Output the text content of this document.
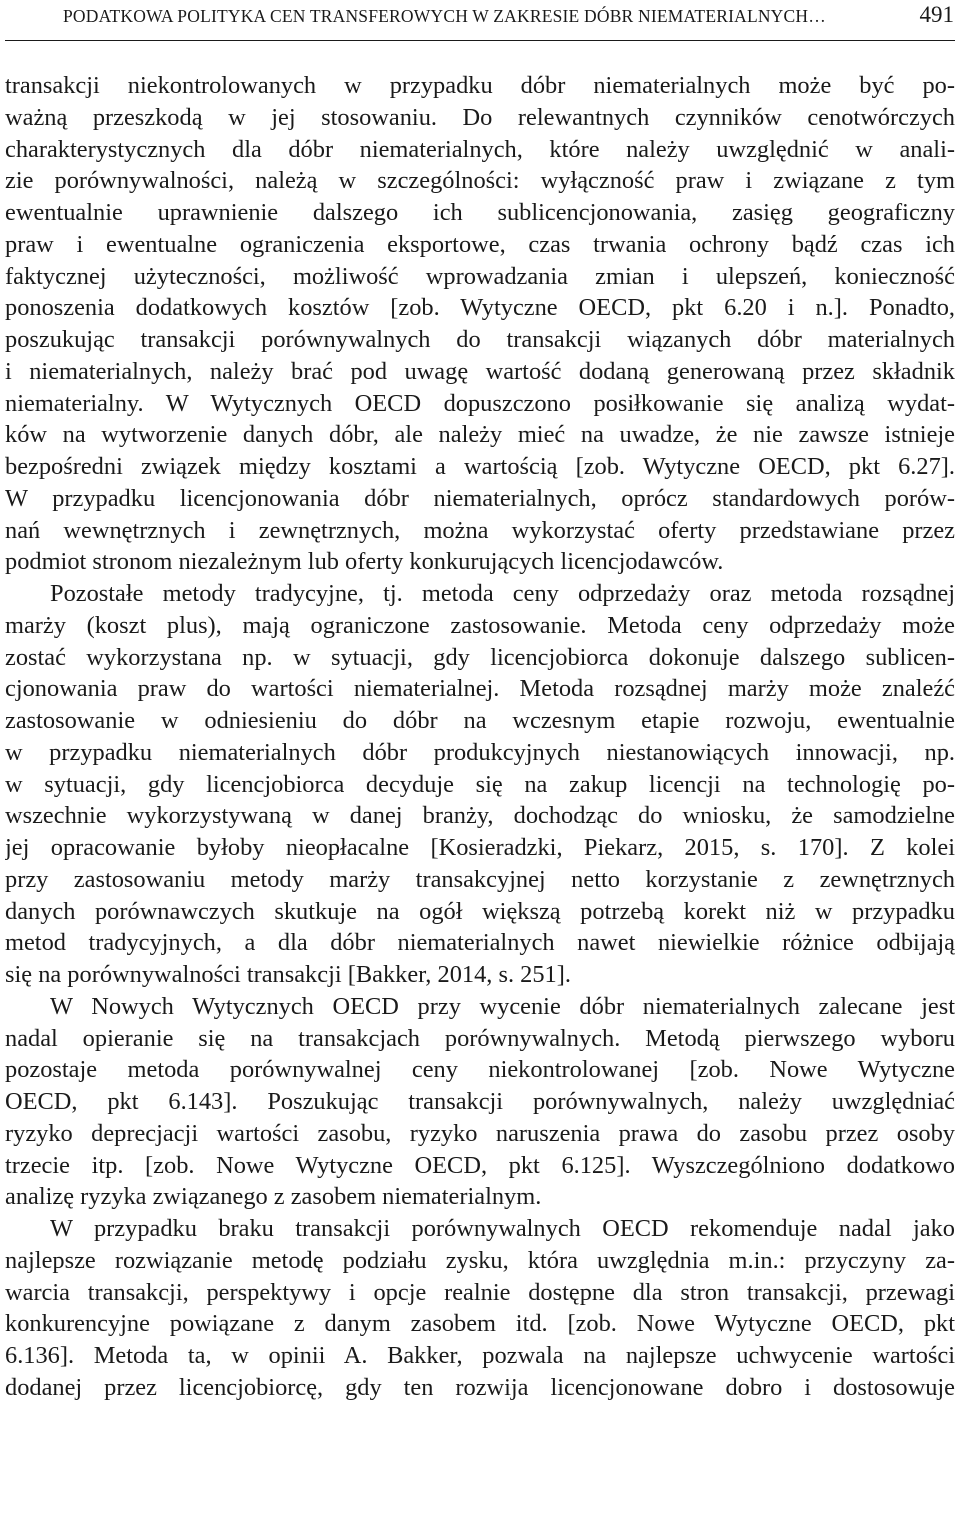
PODATKOWA POLITYKA CEN TRANSFEROWYCH W ZAKRESIE DÓBR NIEMATERIALNYCH…	491
transakcji niekontrolowanych w przypadku dóbr niematerialnych może być po-
ważną przeszkodą w jej stosowaniu. Do relewantnych czynników cenotwórczych
charakterystycznych dla dóbr niematerialnych, które należy uwzględnić w anali-
zie porównywalności, należą w szczególności: wyłączność praw i związane z tym
ewentualnie uprawnienie dalszego ich sublicencjonowania, zasięg geograficzny
praw i ewentualne ograniczenia eksportowe, czas trwania ochrony bądź czas ich
faktycznej użyteczności, możliwość wprowadzania zmian i ulepszeń, konieczność
ponoszenia dodatkowych kosztów [zob. Wytyczne OECD, pkt 6.20 i n.]. Ponadto,
poszukując transakcji porównywalnych do transakcji wiązanych dóbr materialnych
i niematerialnych, należy brać pod uwagę wartość dodaną generowaną przez składnik
niematerialny. W Wytycznych OECD dopuszczono posiłkowanie się analizą wydat-
ków na wytworzenie danych dóbr, ale należy mieć na uwadze, że nie zawsze istnieje
bezpośredni związek między kosztami a wartością [zob. Wytyczne OECD, pkt 6.27].
W przypadku licencjonowania dóbr niematerialnych, oprócz standardowych porów-
nań wewnętrznych i zewnętrznych, można wykorzystać oferty przedstawiane przez
podmiot stronom niezależnym lub oferty konkurujących licencjodawców.
Pozostałe metody tradycyjne, tj. metoda ceny odprzedaży oraz metoda rozsądnej
marży (koszt plus), mają ograniczone zastosowanie. Metoda ceny odprzedaży może
zostać wykorzystana np. w sytuacji, gdy licencjobiorca dokonuje dalszego sublicen-
cjonowania praw do wartości niematerialnej. Metoda rozsądnej marży może znaleźć
zastosowanie w odniesieniu do dóbr na wczesnym etapie rozwoju, ewentualnie
w przypadku niematerialnych dóbr produkcyjnych niestanowiących innowacji, np.
w sytuacji, gdy licencjobiorca decyduje się na zakup licencji na technologię po-
wszechnie wykorzystywaną w danej branży, dochodząc do wniosku, że samodzielne
jej opracowanie byłoby nieopłacalne [Kosieradzki, Piekarz, 2015, s. 170]. Z kolei
przy zastosowaniu metody marży transakcyjnej netto korzystanie z zewnętrznych
danych porównawczych skutkuje na ogół większą potrzebą korekt niż w przypadku
metod tradycyjnych, a dla dóbr niematerialnych nawet niewielkie różnice odbijają
się na porównywalności transakcji [Bakker, 2014, s. 251].
W Nowych Wytycznych OECD przy wycenie dóbr niematerialnych zalecane jest
nadal opieranie się na transakcjach porównywalnych. Metodą pierwszego wyboru
pozostaje metoda porównywalnej ceny niekontrolowanej [zob. Nowe Wytyczne
OECD, pkt 6.143]. Poszukując transakcji porównywalnych, należy uwzględniać
ryzyko deprecjacji wartości zasobu, ryzyko naruszenia prawa do zasobu przez osoby
trzecie itp. [zob. Nowe Wytyczne OECD, pkt 6.125]. Wyszczególniono dodatkowo
analizę ryzyka związanego z zasobem niematerialnym.
W przypadku braku transakcji porównywalnych OECD rekomenduje nadal jako
najlepsze rozwiązanie metodę podziału zysku, która uwzględnia m.in.: przyczyny za-
warcia transakcji, perspektywy i opcje realnie dostępne dla stron transakcji, przewagi
konkurencyjne powiązane z danym zasobem itd. [zob. Nowe Wytyczne OECD, pkt
6.136]. Metoda ta, w opinii A. Bakker, pozwala na najlepsze uchwycenie wartości
dodanej przez licencjobiorcę, gdy ten rozwija licencjonowane dobro i dostosowuje
